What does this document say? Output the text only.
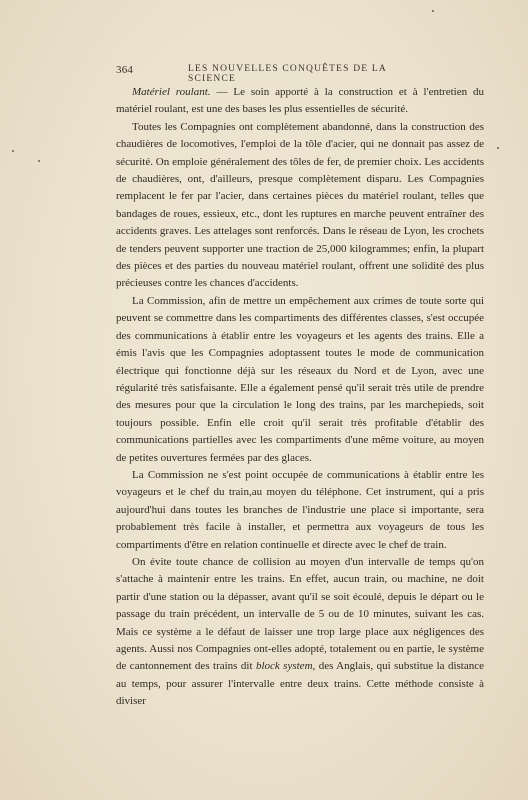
364	LES NOUVELLES CONQUÊTES DE LA SCIENCE

Matériel roulant. — Le soin apporté à la construction et à l'entretien du matériel roulant, est une des bases les plus essentielles de sécurité.

Toutes les Compagnies ont complètement abandonné, dans la construction des chaudières de locomotives, l'emploi de la tôle d'acier, qui ne donnait pas assez de sécurité. On emploie généralement des tôles de fer, de premier choix. Les accidents de chaudières, ont, d'ailleurs, presque complètement disparu. Les Compagnies remplacent le fer par l'acier, dans certaines pièces du matériel roulant, telles que bandages de roues, essieux, etc., dont les ruptures en marche peuvent entraîner des accidents graves. Les attelages sont renforcés. Dans le réseau de Lyon, les crochets de tenders peuvent supporter une traction de 25,000 kilogrammes; enfin, la plupart des pièces et des parties du nouveau matériel roulant, offrent une solidité des plus précieuses contre les chances d'accidents.

La Commission, afin de mettre un empêchement aux crimes de toute sorte qui peuvent se commettre dans les compartiments des différentes classes, s'est occupée des communications à établir entre les voyageurs et les agents des trains. Elle a émis l'avis que les Compagnies adoptassent toutes le mode de communication électrique qui fonctionne déjà sur les réseaux du Nord et de Lyon, avec une régularité très satisfaisante. Elle a également pensé qu'il serait très utile de prendre des mesures pour que la circulation le long des trains, par les marchepieds, soit toujours possible. Enfin elle croit qu'il serait très profitable d'établir des communications partielles avec les compartiments d'une même voiture, au moyen de petites ouvertures fermées par des glaces.

La Commission ne s'est point occupée de communications à établir entre les voyageurs et le chef du train,au moyen du téléphone. Cet instrument, qui a pris aujourd'hui dans toutes les branches de l'industrie une place si importante, sera probablement très facile à installer, et permettra aux voyageurs de tous les compartiments d'être en relation continuelle et directe avec le chef de train.

On évite toute chance de collision au moyen d'un intervalle de temps qu'on s'attache à maintenir entre les trains. En effet, aucun train, ou machine, ne doit partir d'une station ou la dépasser, avant qu'il se soit écoulé, depuis le départ ou le passage du train précédent, un intervalle de 5 ou de 10 minutes, suivant les cas. Mais ce système a le défaut de laisser une trop large place aux négligences des agents. Aussi nos Compagnies ont-elles adopté, totalement ou en partie, le système de cantonnement des trains dit block system, des Anglais, qui substitue la distance au temps, pour assurer l'intervalle entre deux trains. Cette méthode consiste à diviser
